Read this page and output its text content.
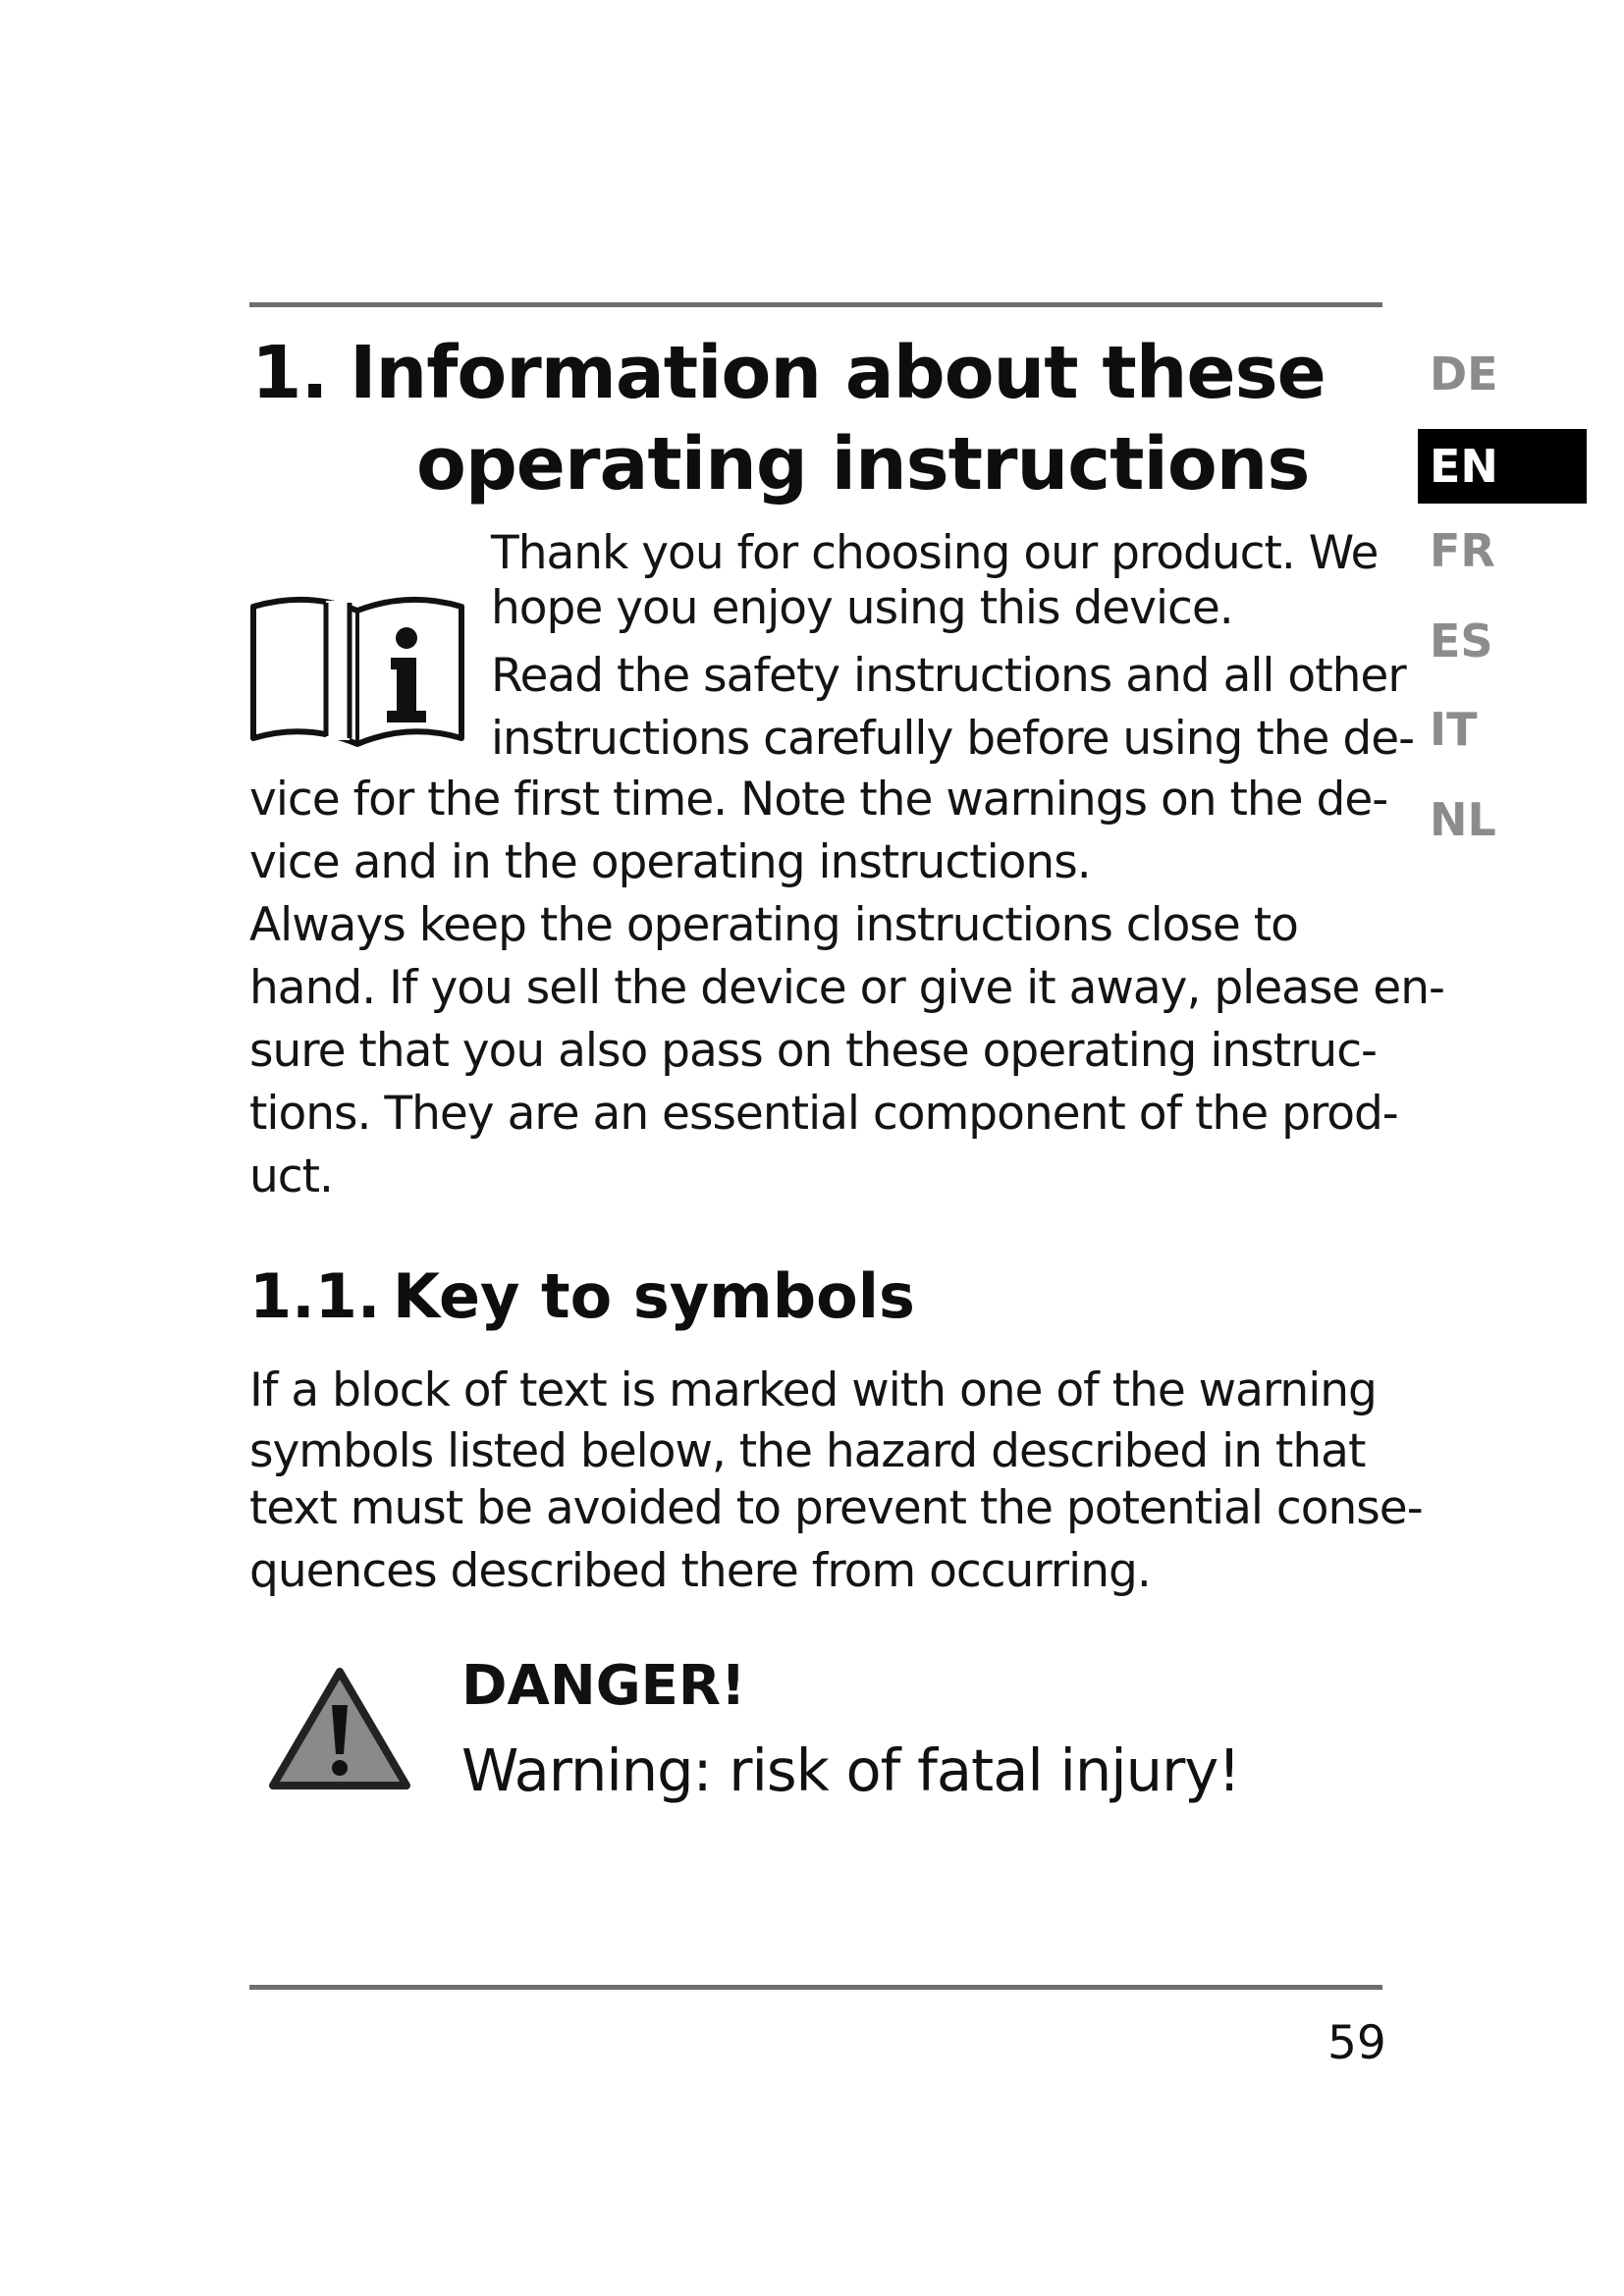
1. Information about these
operating instructions
DE
EN
FR
ES
IT
NL
Thank you for choosing our product. We
hope you enjoy using this device.
Read the safety instructions and all other
instructions carefully before using the de-
vice for the first time. Note the warnings on the de-
vice and in the operating instructions.
Always keep the operating instructions close to
hand. If you sell the device or give it away, please en-
sure that you also pass on these operating instruc-
tions. They are an essential component of the prod-
uct.
1.1. Key to symbols
If a block of text is marked with one of the warning
symbols listed below, the hazard described in that
text must be avoided to prevent the potential conse-
quences described there from occurring.
DANGER!
Warning: risk of fatal injury!
59
